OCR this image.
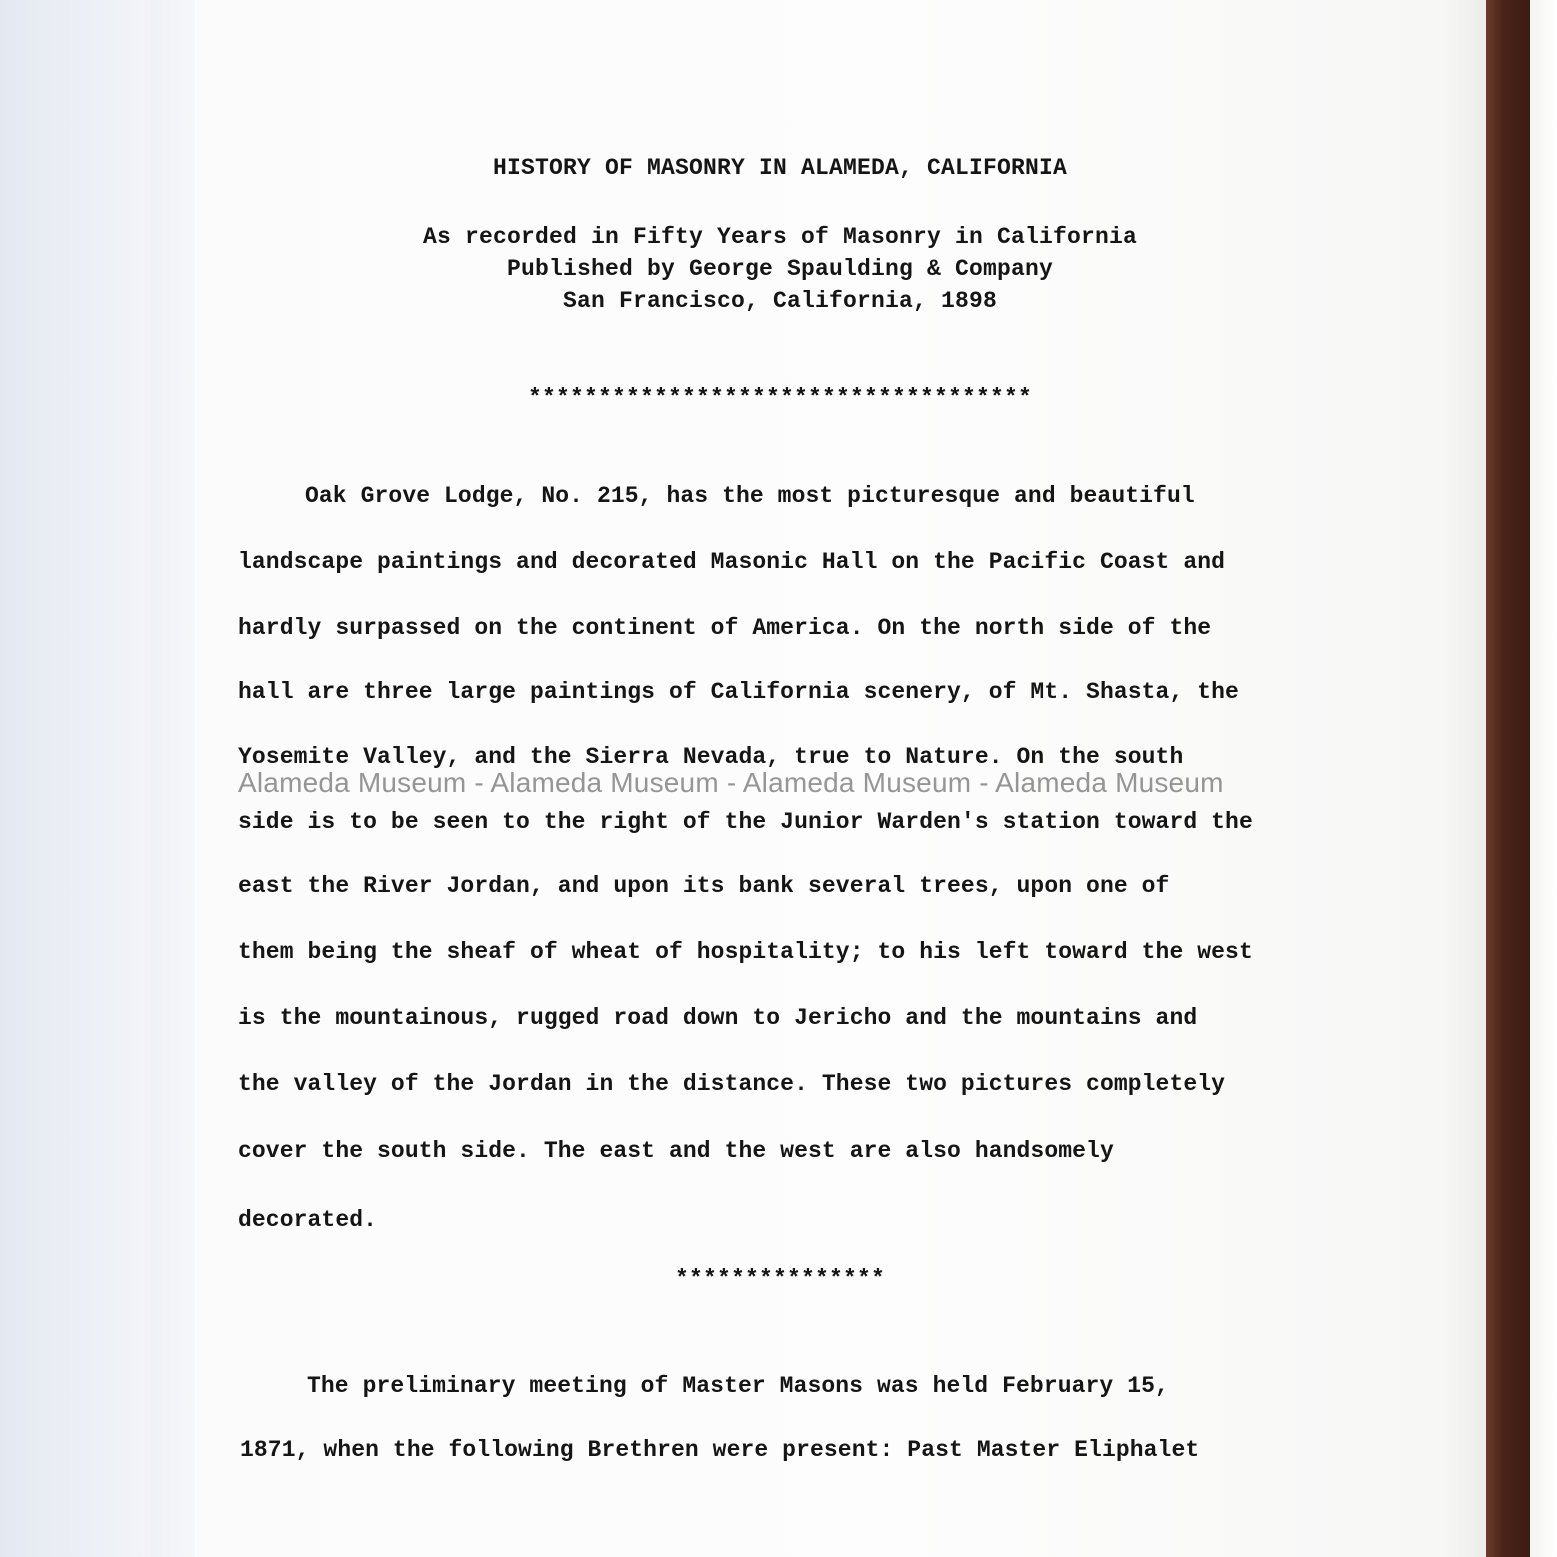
HISTORY OF MASONRY IN ALAMEDA, CALIFORNIA
As recorded in Fifty Years of Masonry in California
Published by George Spaulding & Company
San Francisco, California, 1898
************************************
Oak Grove Lodge, No. 215, has the most picturesque and beautiful
landscape paintings and decorated Masonic Hall on the Pacific Coast and
hardly surpassed on the continent of America. On the north side of the
hall are three large paintings of California scenery, of Mt. Shasta, the
Yosemite Valley, and the Sierra Nevada, true to Nature. On the south
side is to be seen to the right of the Junior Warden's station toward the
east the River Jordan, and upon its bank several trees, upon one of
them being the sheaf of wheat of hospitality; to his left toward the west
is the mountainous, rugged road down to Jericho and the mountains and
the valley of the Jordan in the distance. These two pictures completely
cover the south side. The east and the west are also handsomely
decorated.
***************
The preliminary meeting of Master Masons was held February 15,
1871, when the following Brethren were present: Past Master Eliphalet
Alameda Museum - Alameda Museum - Alameda Museum - Alameda Museum
